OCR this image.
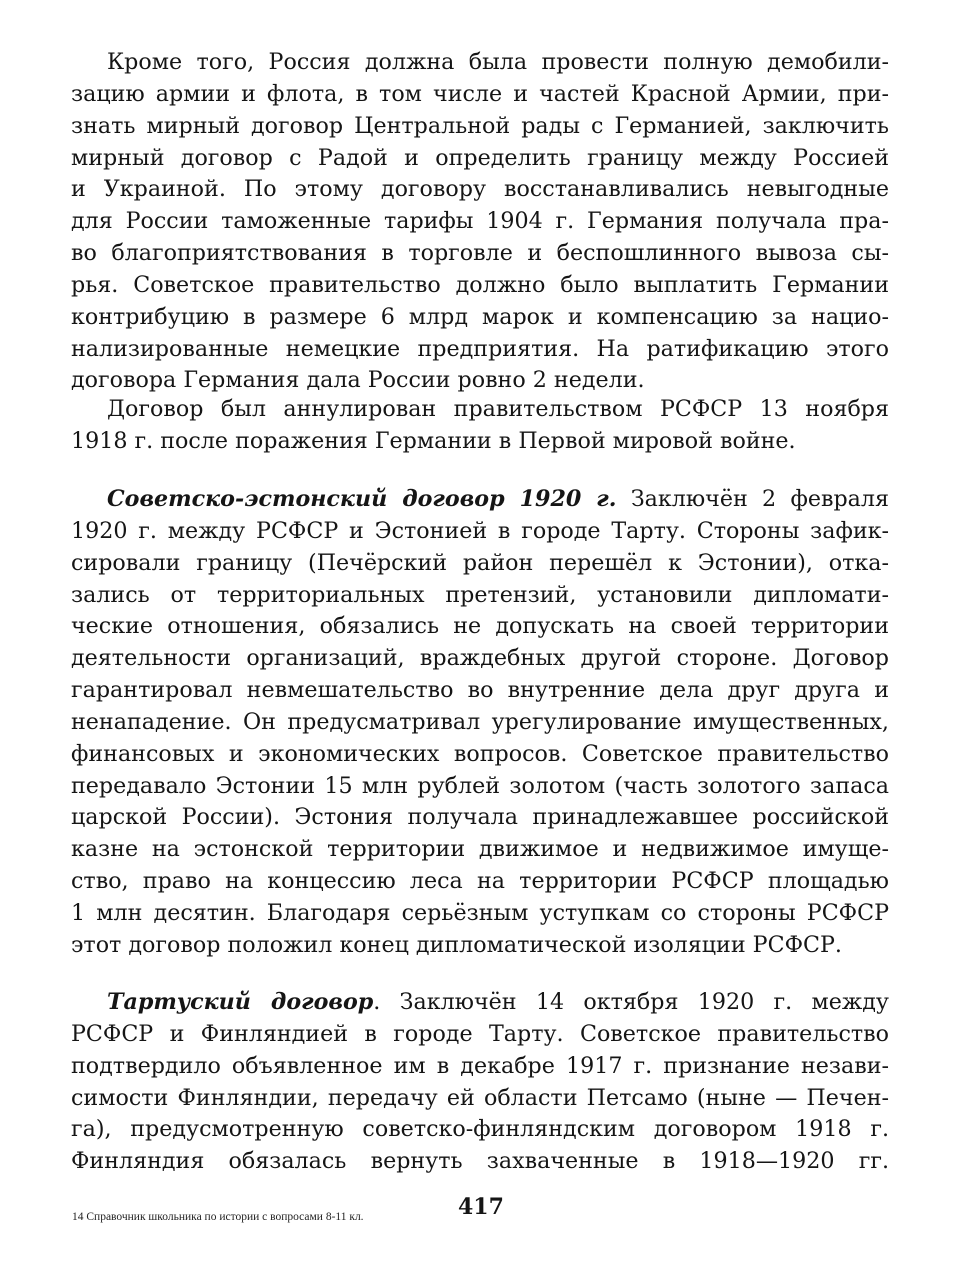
Кроме того, Россия должна была провести полную демобили-
зацию армии и флота, в том числе и частей Красной Армии, при-
знать мирный договор Центральной рады с Германией, заключить
мирный договор с Радой и определить границу между Россией
и Украиной. По этому договору восстанавливались невыгодные
для России таможенные тарифы 1904 г. Германия получала пра-
во благоприятствования в торговле и беспошлинного вывоза сы-
рья. Советское правительство должно было выплатить Германии
контрибуцию в размере 6 млрд марок и компенсацию за нацио-
нализированные немецкие предприятия. На ратификацию этого
договора Германия дала России ровно 2 недели.
Договор был аннулирован правительством РСФСР 13 ноября
1918 г. после поражения Германии в Первой мировой войне.
Советско-эстонский договор 1920 г. Заключён 2 февраля
1920 г. между РСФСР и Эстонией в городе Тарту. Стороны зафик-
сировали границу (Печёрский район перешёл к Эстонии), отка-
зались от территориальных претензий, установили дипломати-
ческие отношения, обязались не допускать на своей территории
деятельности организаций, враждебных другой стороне. Договор
гарантировал невмешательство во внутренние дела друг друга и
ненападение. Он предусматривал урегулирование имущественных,
финансовых и экономических вопросов. Советское правительство
передавало Эстонии 15 млн рублей золотом (часть золотого запаса
царской России). Эстония получала принадлежавшее российской
казне на эстонской территории движимое и недвижимое имуще-
ство, право на концессию леса на территории РСФСР площадью
1 млн десятин. Благодаря серьёзным уступкам со стороны РСФСР
этот договор положил конец дипломатической изоляции РСФСР.
Тартуский договор. Заключён 14 октября 1920 г. между
РСФСР и Финляндией в городе Тарту. Советское правительство
подтвердило объявленное им в декабре 1917 г. признание незави-
симости Финляндии, передачу ей области Петсамо (ныне — Печен-
га), предусмотренную советско-финляндским договором 1918 г.
Финляндия обязалась вернуть захваченные в 1918—1920 гг.
14 Справочник школьника по истории с вопросами 8-11 кл.	417
